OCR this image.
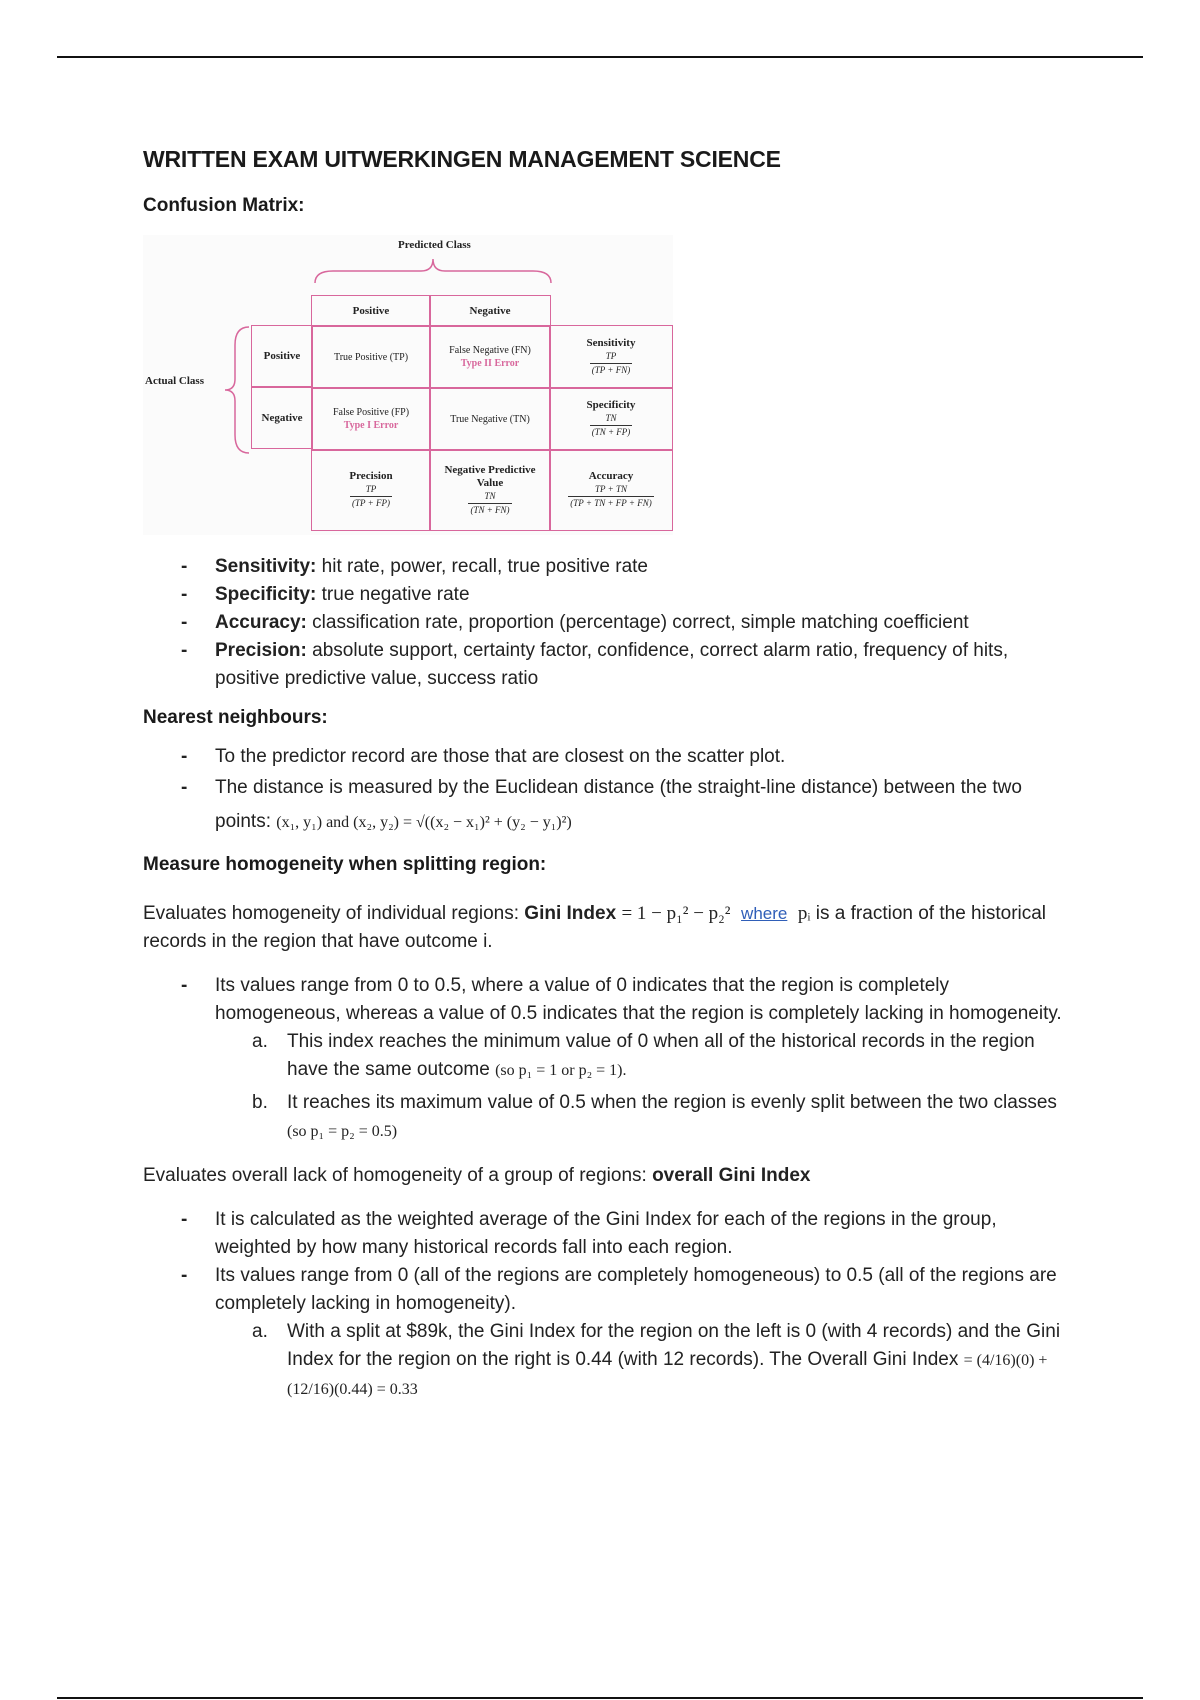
WRITTEN EXAM UITWERKINGEN MANAGEMENT SCIENCE
Confusion Matrix:
Predicted Class
Actual Class
Positive	Negative
Positive
Negative
True Positive (TP)
False Negative (FN)
Type II Error
False Positive (FP)
Type I Error
True Negative (TN)
Sensitivity
TP
(TP + FN)
Specificity
TN
(TN + FP)
Precision
TP
(TP + FP)
Negative Predictive
Value
TN
(TN + FN)
Accuracy
TP + TN
(TP + TN + FP + FN)
- Sensitivity: hit rate, power, recall, true positive rate
- Specificity: true negative rate
- Accuracy: classification rate, proportion (percentage) correct, simple matching coefficient
- Precision: absolute support, certainty factor, confidence, correct alarm ratio, frequency of hits, positive predictive value, success ratio
Nearest neighbours:
- To the predictor record are those that are closest on the scatter plot.
- The distance is measured by the Euclidean distance (the straight-line distance) between the two points: (x₁, y₁) and (x₂, y₂) = √((x₂ − x₁)² + (y₂ − y₁)²)
Measure homogeneity when splitting region:

Evaluates homogeneity of individual regions: Gini Index = 1 − p₁² − p₂² where pᵢ is a fraction of the historical records in the region that have outcome i.

- Its values range from 0 to 0.5, where a value of 0 indicates that the region is completely homogeneous, whereas a value of 0.5 indicates that the region is completely lacking in homogeneity.
a. This index reaches the minimum value of 0 when all of the historical records in the region have the same outcome (so p₁ = 1 or p₂ = 1).
b. It reaches its maximum value of 0.5 when the region is evenly split between the two classes (so p₁ = p₂ = 0.5)

Evaluates overall lack of homogeneity of a group of regions: overall Gini Index

- It is calculated as the weighted average of the Gini Index for each of the regions in the group, weighted by how many historical records fall into each region.
- Its values range from 0 (all of the regions are completely homogeneous) to 0.5 (all of the regions are completely lacking in homogeneity).
a. With a split at $89k, the Gini Index for the region on the left is 0 (with 4 records) and the Gini Index for the region on the right is 0.44 (with 12 records). The Overall Gini Index = (4/16)(0) + (12/16)(0.44) = 0.33
